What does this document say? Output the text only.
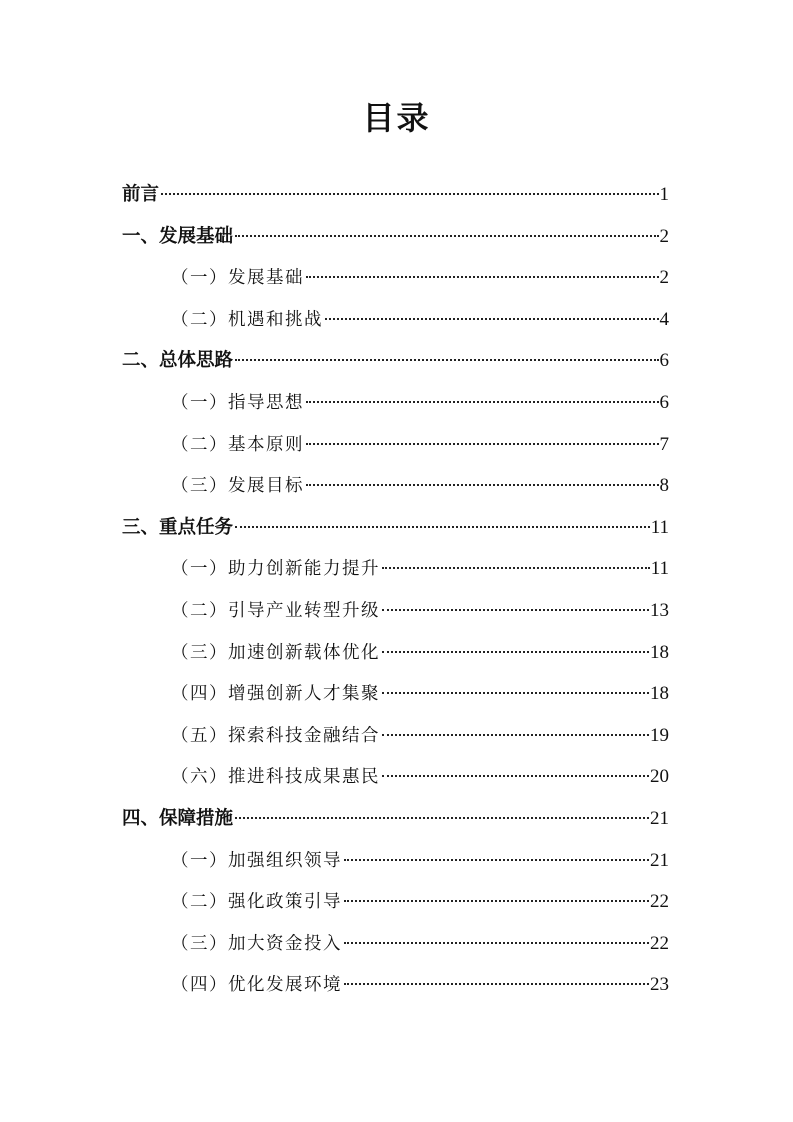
目录
前言	1
一、发展基础	2
（一）发展基础	2
（二）机遇和挑战	4
二、总体思路	6
（一）指导思想	6
（二）基本原则	7
（三）发展目标	8
三、重点任务	11
（一）助力创新能力提升	11
（二）引导产业转型升级	13
（三）加速创新载体优化	18
（四）增强创新人才集聚	18
（五）探索科技金融结合	19
（六）推进科技成果惠民	20
四、保障措施	21
（一）加强组织领导	21
（二）强化政策引导	22
（三）加大资金投入	22
（四）优化发展环境	23
